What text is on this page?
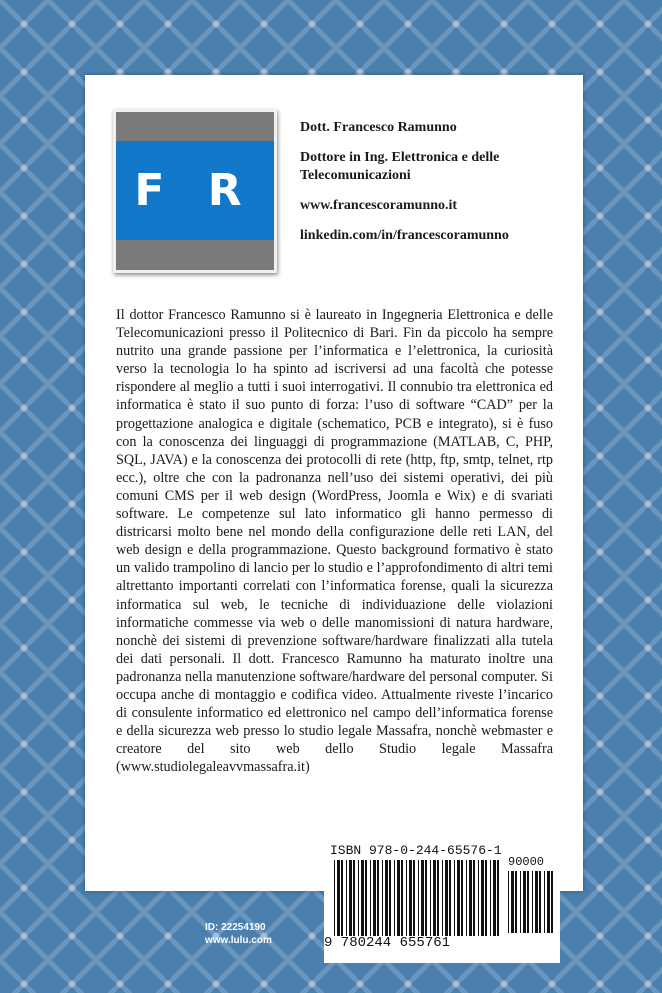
F R
Dott. Francesco Ramunno
Dottore in Ing. Elettronica e delle Telecomunicazioni
www.francescoramunno.it
linkedin.com/in/francescoramunno

Il dottor Francesco Ramunno si è laureato in Ingegneria Elettronica e delle Telecomunicazioni presso il Politecnico di Bari. Fin da piccolo ha sempre nutrito una grande passione per l’informatica e l’elettronica, la curiosità verso la tecnologia lo ha spinto ad iscriversi ad una facoltà che potesse rispondere al meglio a tutti i suoi interrogativi. Il connubio tra elettronica ed informatica è stato il suo punto di forza: l’uso di software “CAD” per la progettazione analogica e digitale (schematico, PCB e integrato), si è fuso con la conoscenza dei linguaggi di programmazione (MATLAB, C, PHP, SQL, JAVA) e la conoscenza dei protocolli di rete (http, ftp, smtp, telnet, rtp ecc.), oltre che con la padronanza nell’uso dei sistemi operativi, dei più comuni CMS per il web design (WordPress, Joomla e Wix) e di svariati software. Le competenze sul lato informatico gli hanno permesso di districarsi molto bene nel mondo della configurazione delle reti LAN, del web design e della programmazione. Questo background formativo è stato un valido trampolino di lancio per lo studio e l’approfondimento di altri temi altrettanto importanti correlati con l’informatica forense, quali la sicurezza informatica sul web, le tecniche di individuazione delle violazioni informatiche commesse via web o delle manomissioni di natura hardware, nonchè dei sistemi di prevenzione software/hardware finalizzati alla tutela dei dati personali. Il dott. Francesco Ramunno ha maturato inoltre una padronanza nella manutenzione software/hardware del personal computer. Si occupa anche di montaggio e codifica video. Attualmente riveste l’incarico di consulente informatico ed elettronico nel campo dell’informatica forense e della sicurezza web presso lo studio legale Massafra, nonchè webmaster e creatore del sito web dello Studio legale Massafra (www.studiolegaleavvmassafra.it)

ISBN 978-0-244-65576-1
90000
9 780244 655761
ID: 22254190
www.lulu.com
